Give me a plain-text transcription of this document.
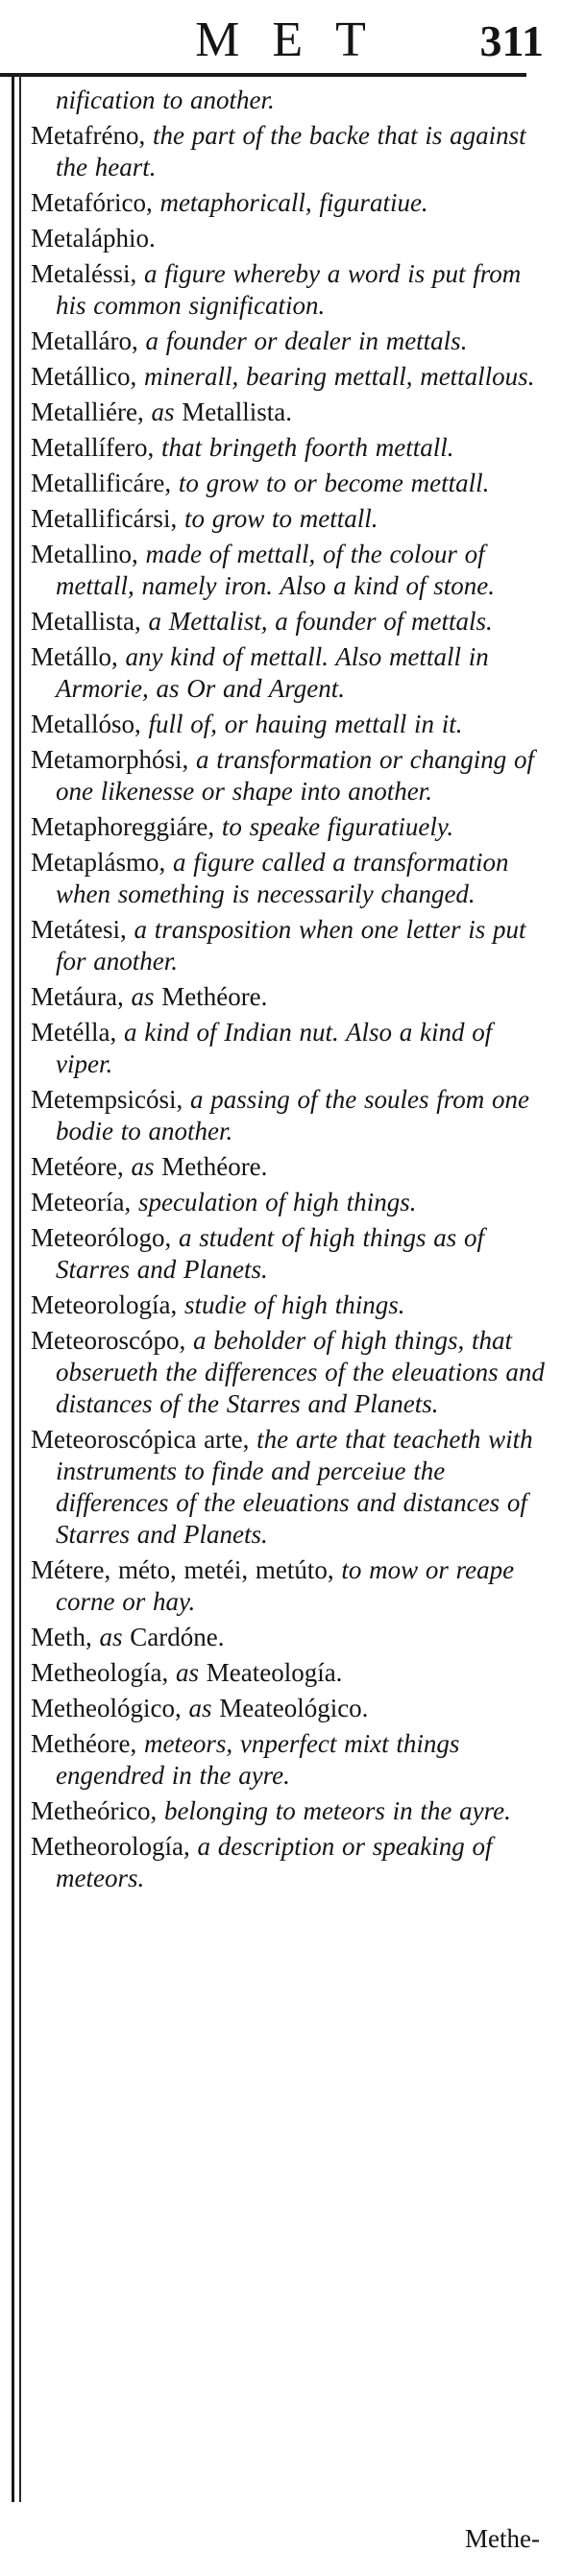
MET	311
nification to another.
Metafréno, the part of the backe that is against the heart.
Metafórico, metaphoricall, figuratiue.
Metaláphio.
Metaléssi, a figure whereby a word is put from his common signification.
Metalláro, a founder or dealer in mettals.
Metállico, minerall, bearing mettall, mettallous.
Metalliére, as Metallista.
Metallífero, that bringeth foorth mettall.
Metallificáre, to grow to or become mettall.
Metallificársi, to grow to mettall.
Metallino, made of mettall, of the colour of mettall, namely iron. Also a kind of stone.
Metallista, a Mettalist, a founder of mettals.
Metállo, any kind of mettall. Also mettall in Armorie, as Or and Argent.
Metallóso, full of, or hauing mettall in it.
Metamorphósi, a transformation or changing of one likenesse or shape into another.
Metaphoreggiáre, to speake figuratiuely.
Metaplásmo, a figure called a transformation when something is necessarily changed.
Metátesi, a transposition when one letter is put for another.
Metáura, as Methéore.
Metélla, a kind of Indian nut. Also a kind of viper.
Metempsicósi, a passing of the soules from one bodie to another.
Metéore, as Methéore.
Meteoría, speculation of high things.
Meteorólogo, a student of high things as of Starres and Planets.
Meteorología, studie of high things.
Meteoroscópo, a beholder of high things, that obserueth the differences of the eleuations and distances of the Starres and Planets.
Meteoroscópica arte, the arte that teacheth with instruments to finde and perceiue the differences of the eleuations and distances of Starres and Planets.
Métere, méto, metéi, metúto, to mow or reape corne or hay.
Meth, as Cardóne.
Metheología, as Meateología.
Metheológico, as Meateológico.
Methéore, meteors, vnperfect mixt things engendred in the ayre.
Metheórico, belonging to meteors in the ayre.
Metheorología, a description or speaking of meteors.
Methe-
